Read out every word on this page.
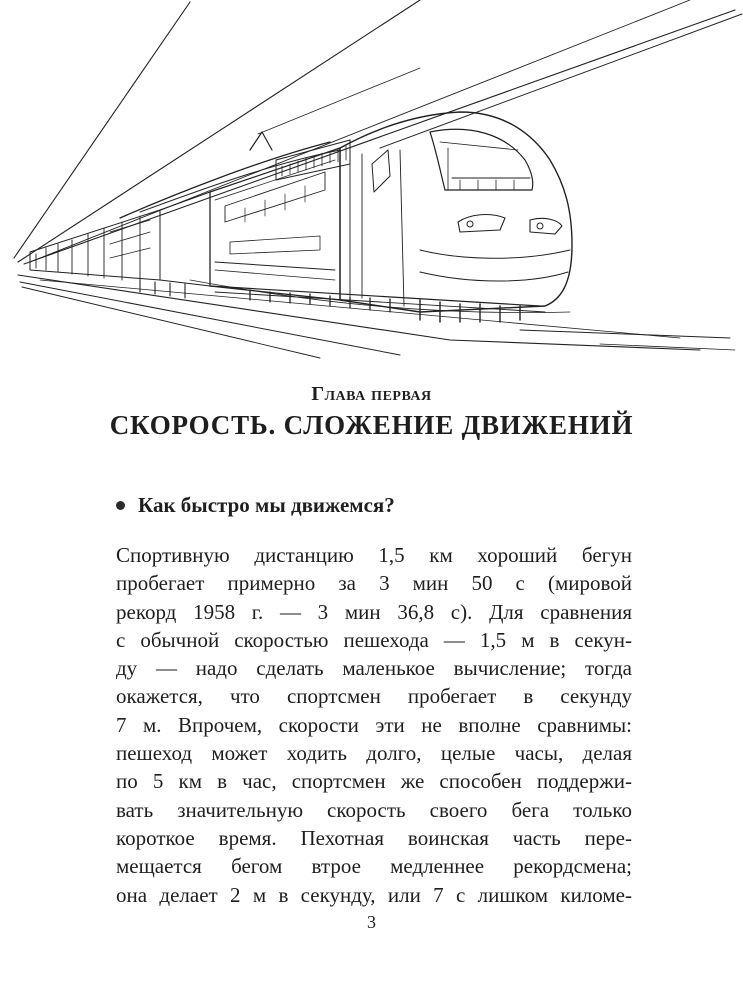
Глава первая
СКОРОСТЬ. СЛОЖЕНИЕ ДВИЖЕНИЙ
Как быстро мы движемся?
Спортивную дистанцию 1,5 км хороший бегун
пробегает примерно за 3 мин 50 с (мировой
рекорд 1958 г. — 3 мин 36,8 с). Для сравнения
с обычной скоростью пешехода — 1,5 м в секун-
ду — надо сделать маленькое вычисление; тогда
окажется, что спортсмен пробегает в секунду
7 м. Впрочем, скорости эти не вполне сравнимы:
пешеход может ходить долго, целые часы, делая
по 5 км в час, спортсмен же способен поддержи-
вать значительную скорость своего бега только
короткое время. Пехотная воинская часть пере-
мещается бегом втрое медленнее рекордсмена;
она делает 2 м в секунду, или 7 с лишком киломе-
3
